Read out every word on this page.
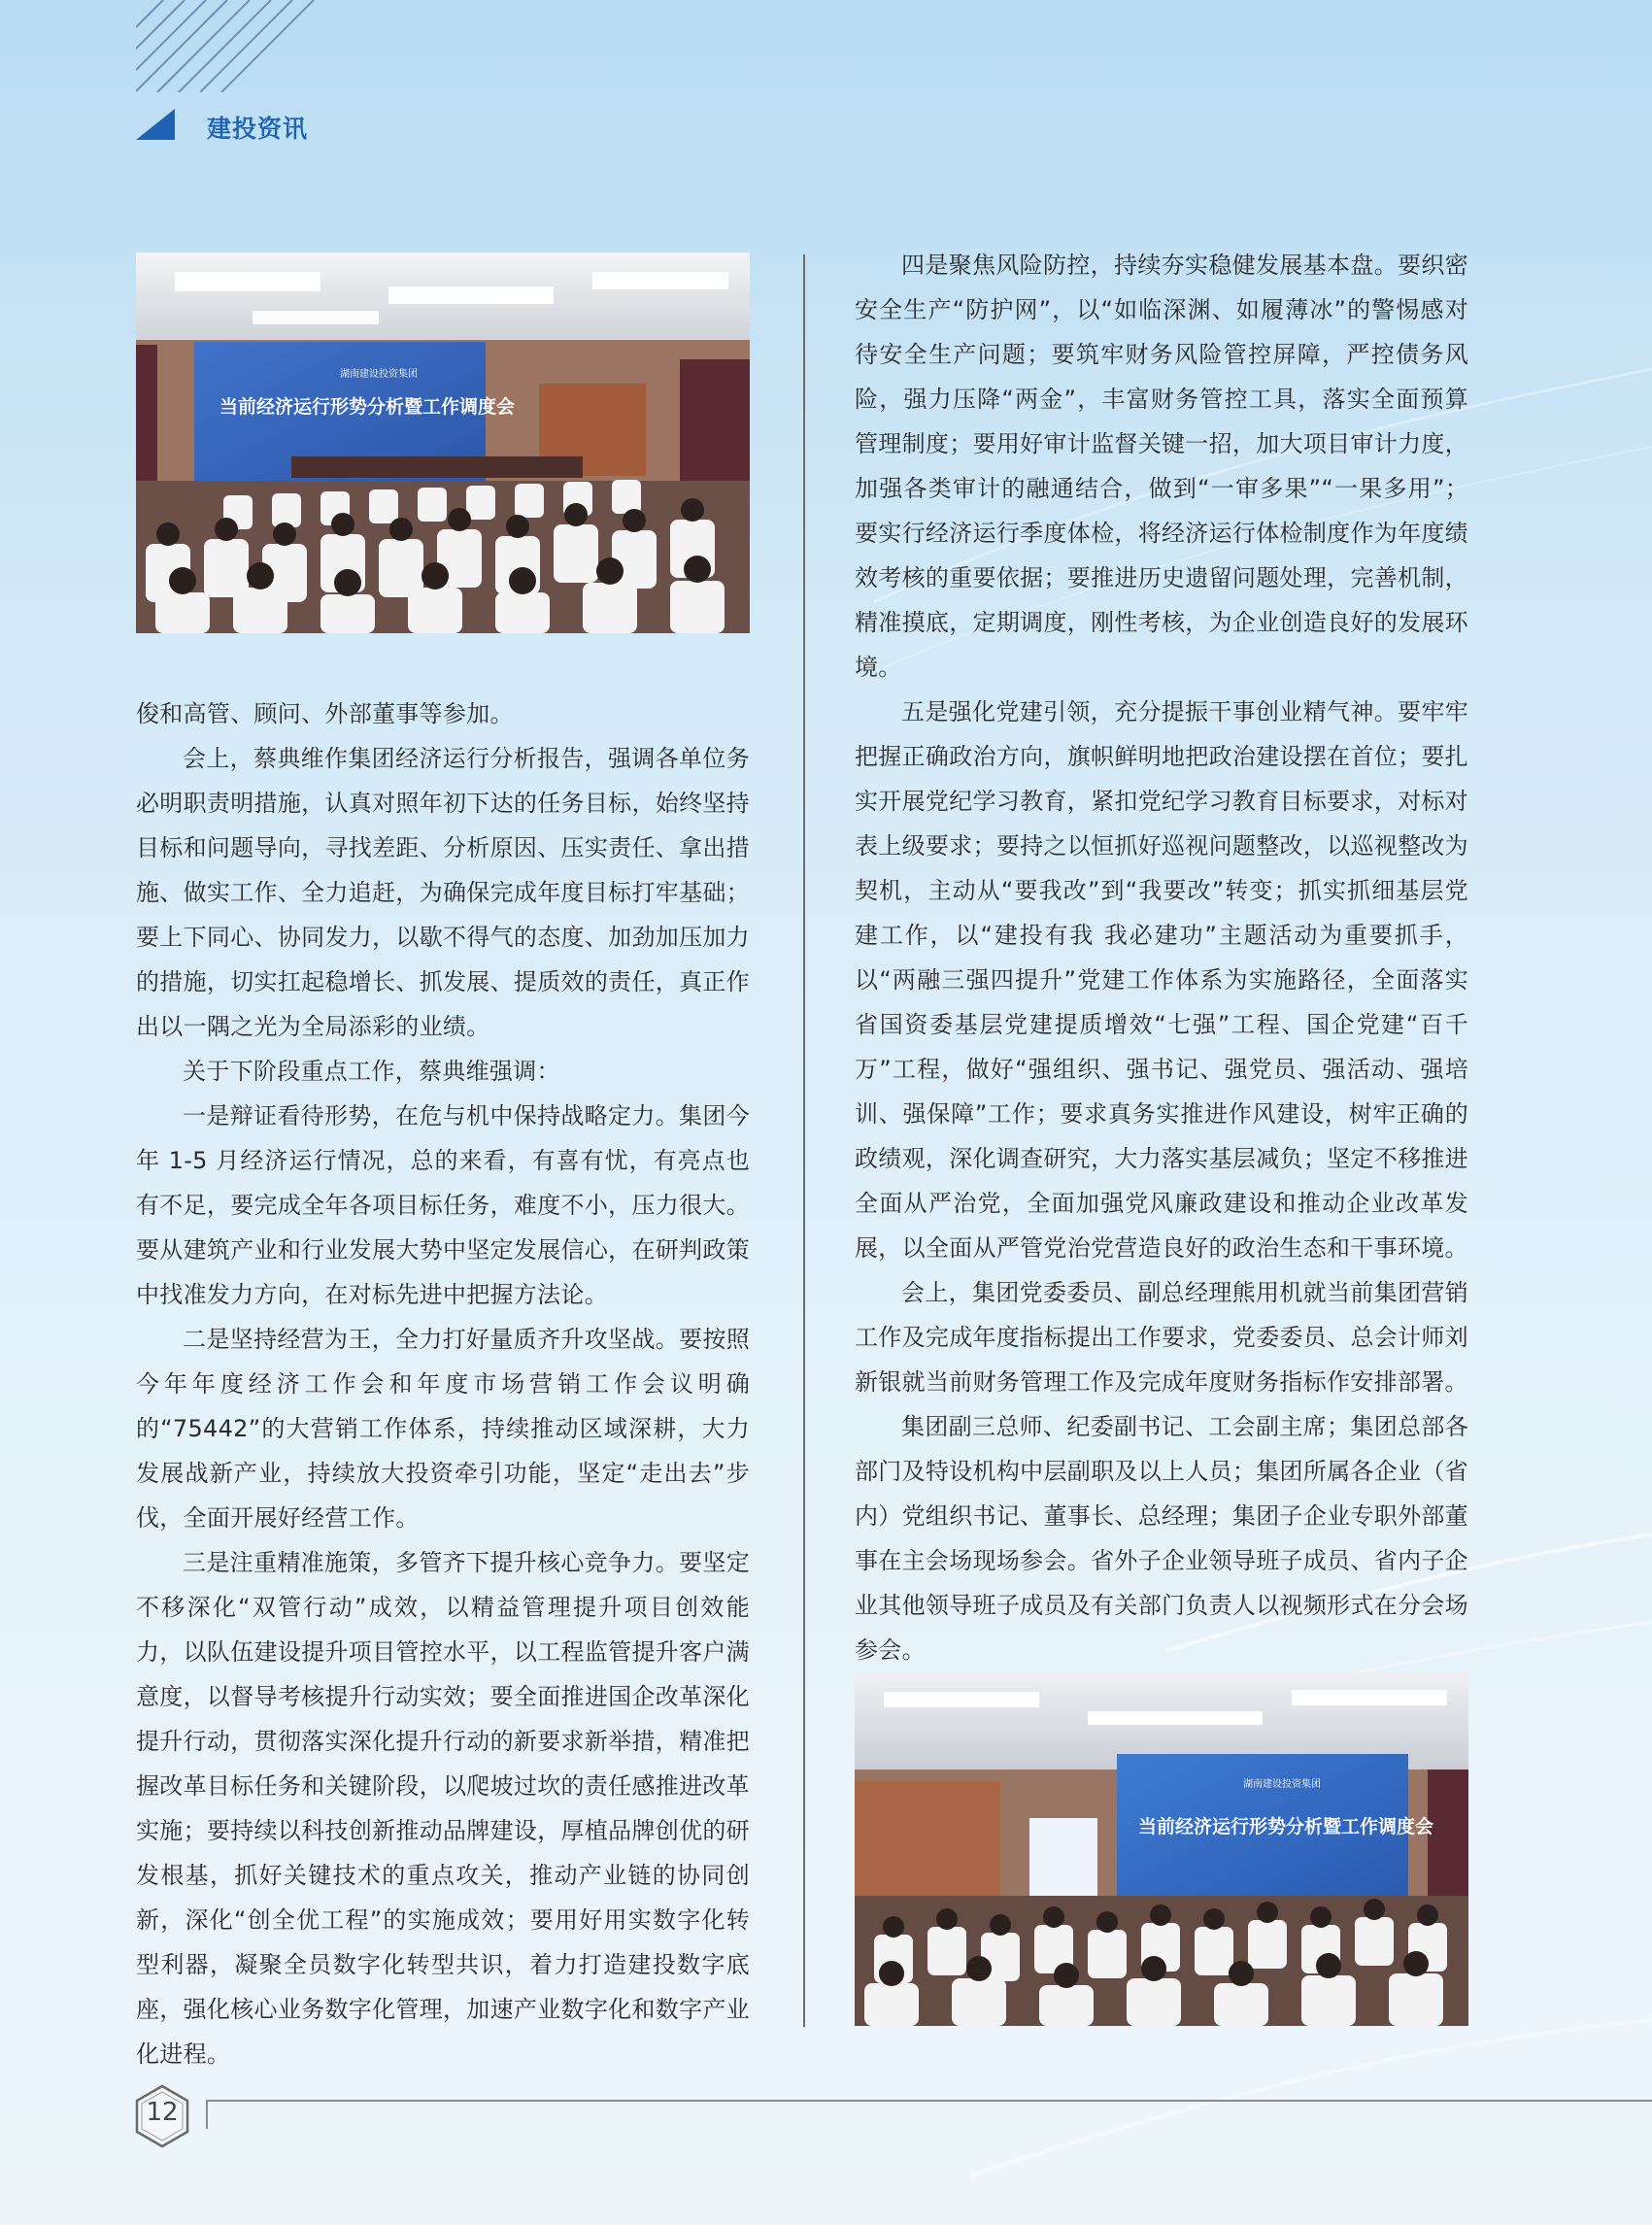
建投资讯
湖南建设投资集团
当前经济运行形势分析暨工作调度会

俊和高管、顾问、外部董事等参加。

会上，蔡典维作集团经济运行分析报告，强调各单位务必明职责明措施，认真对照年初下达的任务目标，始终坚持目标和问题导向，寻找差距、分析原因、压实责任、拿出措施、做实工作、全力追赶，为确保完成年度目标打牢基础；要上下同心、协同发力，以歇不得气的态度、加劲加压加力的措施，切实扛起稳增长、抓发展、提质效的责任，真正作出以一隅之光为全局添彩的业绩。

关于下阶段重点工作，蔡典维强调：

一是辩证看待形势，在危与机中保持战略定力。集团今年 1-5 月经济运行情况，总的来看，有喜有忧，有亮点也有不足，要完成全年各项目标任务，难度不小，压力很大。要从建筑产业和行业发展大势中坚定发展信心，在研判政策中找准发力方向，在对标先进中把握方法论。

二是坚持经营为王，全力打好量质齐升攻坚战。要按照今年年度经济工作会和年度市场营销工作会议明确的“75442”的大营销工作体系，持续推动区域深耕，大力发展战新产业，持续放大投资牵引功能，坚定“走出去”步伐，全面开展好经营工作。

三是注重精准施策，多管齐下提升核心竞争力。要坚定不移深化“双管行动”成效，以精益管理提升项目创效能力，以队伍建设提升项目管控水平，以工程监管提升客户满意度，以督导考核提升行动实效；要全面推进国企改革深化提升行动，贯彻落实深化提升行动的新要求新举措，精准把握改革目标任务和关键阶段，以爬坡过坎的责任感推进改革实施；要持续以科技创新推动品牌建设，厚植品牌创优的研发根基，抓好关键技术的重点攻关，推动产业链的协同创新，深化“创全优工程”的实施成效；要用好用实数字化转型利器，凝聚全员数字化转型共识，着力打造建投数字底座，强化核心业务数字化管理，加速产业数字化和数字产业化进程。

四是聚焦风险防控，持续夯实稳健发展基本盘。要织密安全生产“防护网”，以“如临深渊、如履薄冰”的警惕感对待安全生产问题；要筑牢财务风险管控屏障，严控债务风险，强力压降“两金”，丰富财务管控工具，落实全面预算管理制度；要用好审计监督关键一招，加大项目审计力度，加强各类审计的融通结合，做到“一审多果”“一果多用”；要实行经济运行季度体检，将经济运行体检制度作为年度绩效考核的重要依据；要推进历史遗留问题处理，完善机制，精准摸底，定期调度，刚性考核，为企业创造良好的发展环境。

五是强化党建引领，充分提振干事创业精气神。要牢牢把握正确政治方向，旗帜鲜明地把政治建设摆在首位；要扎实开展党纪学习教育，紧扣党纪学习教育目标要求，对标对表上级要求；要持之以恒抓好巡视问题整改，以巡视整改为契机，主动从“要我改”到“我要改”转变；抓实抓细基层党建工作，以“建投有我 我必建功”主题活动为重要抓手，以“两融三强四提升”党建工作体系为实施路径，全面落实省国资委基层党建提质增效“七强”工程、国企党建“百千万”工程，做好“强组织、强书记、强党员、强活动、强培训、强保障”工作；要求真务实推进作风建设，树牢正确的政绩观，深化调查研究，大力落实基层减负；坚定不移推进全面从严治党，全面加强党风廉政建设和推动企业改革发展，以全面从严管党治党营造良好的政治生态和干事环境。

会上，集团党委委员、副总经理熊用机就当前集团营销工作及完成年度指标提出工作要求，党委委员、总会计师刘新银就当前财务管理工作及完成年度财务指标作安排部署。

集团副三总师、纪委副书记、工会副主席；集团总部各部门及特设机构中层副职及以上人员；集团所属各企业（省内）党组织书记、董事长、总经理；集团子企业专职外部董事在主会场现场参会。省外子企业领导班子成员、省内子企业其他领导班子成员及有关部门负责人以视频形式在分会场参会。

湖南建设投资集团
当前经济运行形势分析暨工作调度会
12
